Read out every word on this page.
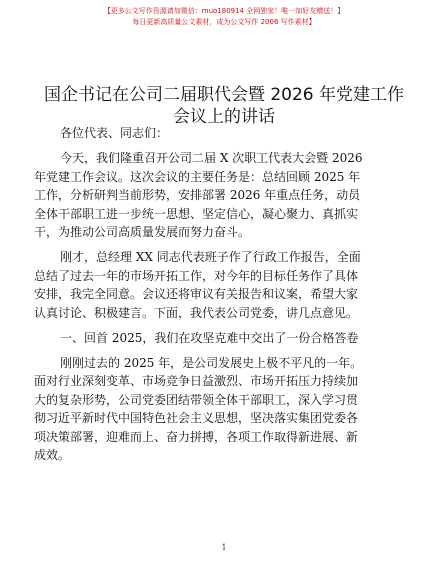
【更多公文写作资源请加微信：muo180914 全网独家！唯一加好友赠送！】
每日更新高质量公文素材，成为公文写作 2006 写作素材】
国企书记在公司二届职代会暨 2026 年党建工作
会议上的讲话

各位代表、同志们：

今天，我们隆重召开公司二届 X 次职工代表大会暨 2026
年党建工作会议。这次会议的主要任务是：总结回顾 2025 年
工作，分析研判当前形势，安排部署 2026 年重点任务，动员
全体干部职工进一步统一思想、坚定信心，凝心聚力、真抓实
干，为推动公司高质量发展而努力奋斗。

刚才，总经理 XX 同志代表班子作了行政工作报告，全面
总结了过去一年的市场开拓工作，对今年的目标任务作了具体
安排，我完全同意。会议还将审议有关报告和议案，希望大家
认真讨论、积极建言。下面，我代表公司党委，讲几点意见。

一、回首 2025，我们在攻坚克难中交出了一份合格答卷

刚刚过去的 2025 年，是公司发展史上极不平凡的一年。
面对行业深刻变革、市场竞争日益激烈、市场开拓压力持续加
大的复杂形势，公司党委团结带领全体干部职工，深入学习贯
彻习近平新时代中国特色社会主义思想，坚决落实集团党委各
项决策部署，迎难而上、奋力拼搏，各项工作取得新进展、新
成效。

1
